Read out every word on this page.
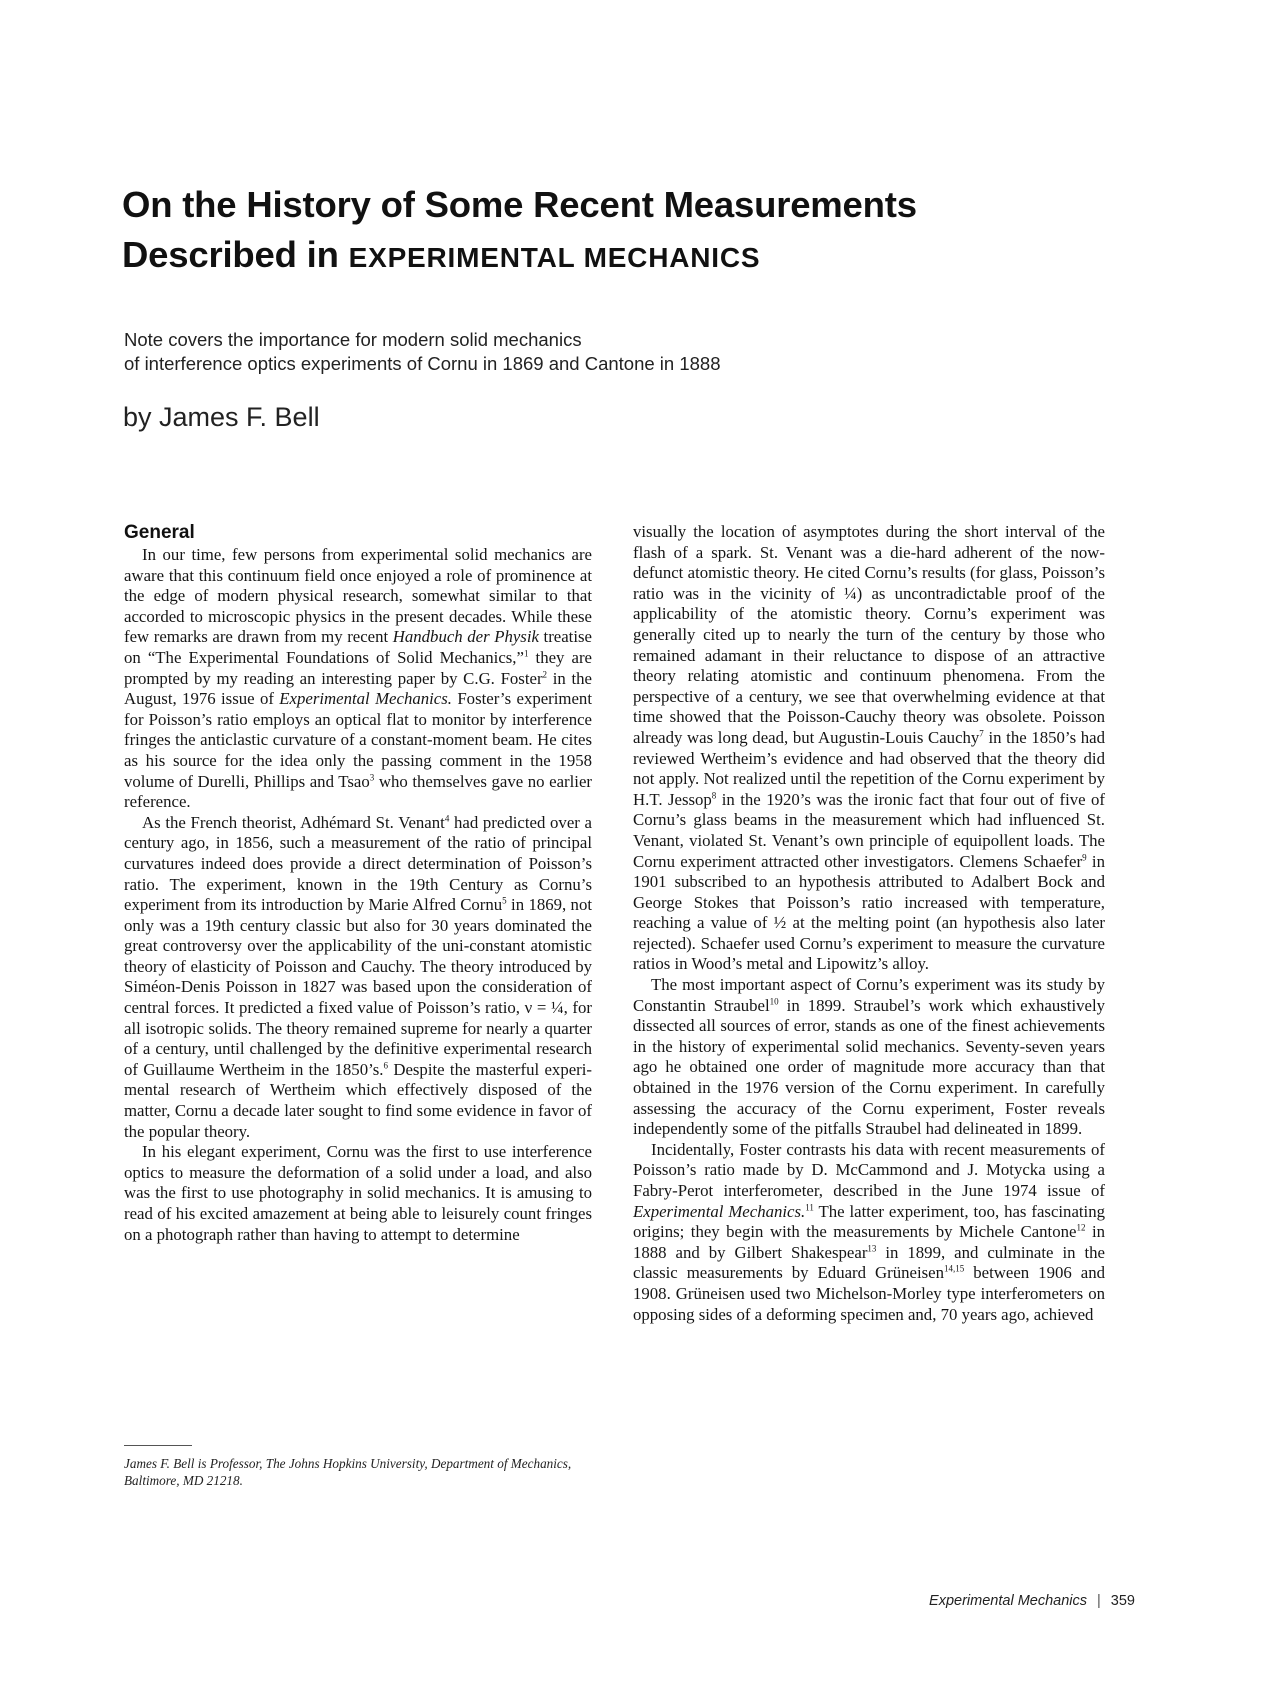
On the History of Some Recent Measurements
Described in EXPERIMENTAL MECHANICS

Note covers the importance for modern solid mechanics
of interference optics experiments of Cornu in 1869 and Cantone in 1888

by James F. Bell

General

In our time, few persons from experimental solid mechanics are aware that this continuum field once enjoyed a role of prominence at the edge of modern physical research, somewhat similar to that accorded to microscopic physics in the present decades. While these few remarks are drawn from my recent Handbuch der Physik treatise on “The Experimental Foundations of Solid Mechanics,”$^1$ they are prompted by my reading an interesting paper by C.G. Foster$^2$ in the August, 1976 issue of Experimental Mechanics. Foster’s experiment for Poisson’s ratio employs an optical flat to monitor by interference fringes the anticlastic curvature of a constant-moment beam. He cites as his source for the idea only the passing comment in the 1958 volume of Durelli, Phillips and Tsao$^3$ who themselves gave no earlier reference.

As the French theorist, Adhémard St. Venant$^4$ had predicted over a century ago, in 1856, such a measurement of the ratio of principal curvatures indeed does provide a direct determination of Poisson’s ratio. The experiment, known in the 19th Century as Cornu’s experiment from its introduction by Marie Alfred Cornu$^5$ in 1869, not only was a 19th century classic but also for 30 years dominated the great controversy over the applicability of the uni-constant atomistic theory of elasticity of Poisson and Cauchy. The theory introduced by Siméon-Denis Poisson in 1827 was based upon the consideration of central forces. It predicted a fixed value of Poisson’s ratio, ν = ¼, for all isotropic solids. The theory remained supreme for nearly a quarter of a century, until challenged by the definitive experimental research of Guillaume Wertheim in the 1850’s.$^6$ Despite the masterful experi-mental research of Wertheim which effectively disposed of the matter, Cornu a decade later sought to find some evidence in favor of the popular theory.

In his elegant experiment, Cornu was the first to use interference optics to measure the deformation of a solid under a load, and also was the first to use photography in solid mechanics. It is amusing to read of his excited amazement at being able to leisurely count fringes on a photograph rather than having to attempt to determine

visually the location of asymptotes during the short interval of the flash of a spark. St. Venant was a die-hard adherent of the now-defunct atomistic theory. He cited Cornu’s results (for glass, Poisson’s ratio was in the vicinity of ¼) as uncontradictable proof of the applicability of the atomistic theory. Cornu’s experiment was generally cited up to nearly the turn of the century by those who remained adamant in their reluctance to dispose of an attractive theory relating atomistic and continuum phenomena. From the perspective of a century, we see that overwhelming evidence at that time showed that the Poisson-Cauchy theory was obsolete. Poisson already was long dead, but Augustin-Louis Cauchy$^7$ in the 1850’s had reviewed Wertheim’s evidence and had observed that the theory did not apply. Not realized until the repetition of the Cornu experiment by H.T. Jessop$^8$ in the 1920’s was the ironic fact that four out of five of Cornu’s glass beams in the measurement which had influenced St. Venant, violated St. Venant’s own principle of equipollent loads. The Cornu experiment attracted other investigators. Clemens Schaefer$^9$ in 1901 subscribed to an hypothesis attributed to Adalbert Bock and George Stokes that Poisson’s ratio increased with temperature, reaching a value of ½ at the melting point (an hypothesis also later rejected). Schaefer used Cornu’s experiment to measure the curvature ratios in Wood’s metal and Lipowitz’s alloy.

The most important aspect of Cornu’s experiment was its study by Constantin Straubel$^{10}$ in 1899. Straubel’s work which exhaustively dissected all sources of error, stands as one of the finest achievements in the history of experimental solid mechanics. Seventy-seven years ago he obtained one order of magnitude more accuracy than that obtained in the 1976 version of the Cornu experiment. In carefully assessing the accuracy of the Cornu experiment, Foster reveals independently some of the pitfalls Straubel had delineated in 1899.

Incidentally, Foster contrasts his data with recent measurements of Poisson’s ratio made by D. McCammond and J. Motycka using a Fabry-Perot interferometer, described in the June 1974 issue of Experimental Mechanics.$^{11}$ The latter experiment, too, has fascinating origins; they begin with the measurements by Michele Cantone$^{12}$ in 1888 and by Gilbert Shakespear$^{13}$ in 1899, and culminate in the classic measurements by Eduard Grüneisen$^{14,15}$ between 1906 and 1908. Grüneisen used two Michelson-Morley type interferometers on opposing sides of a deforming specimen and, 70 years ago, achieved

James F. Bell is Professor, The Johns Hopkins University, Department of Mechanics, Baltimore, MD 21218.

Experimental Mechanics | 359
